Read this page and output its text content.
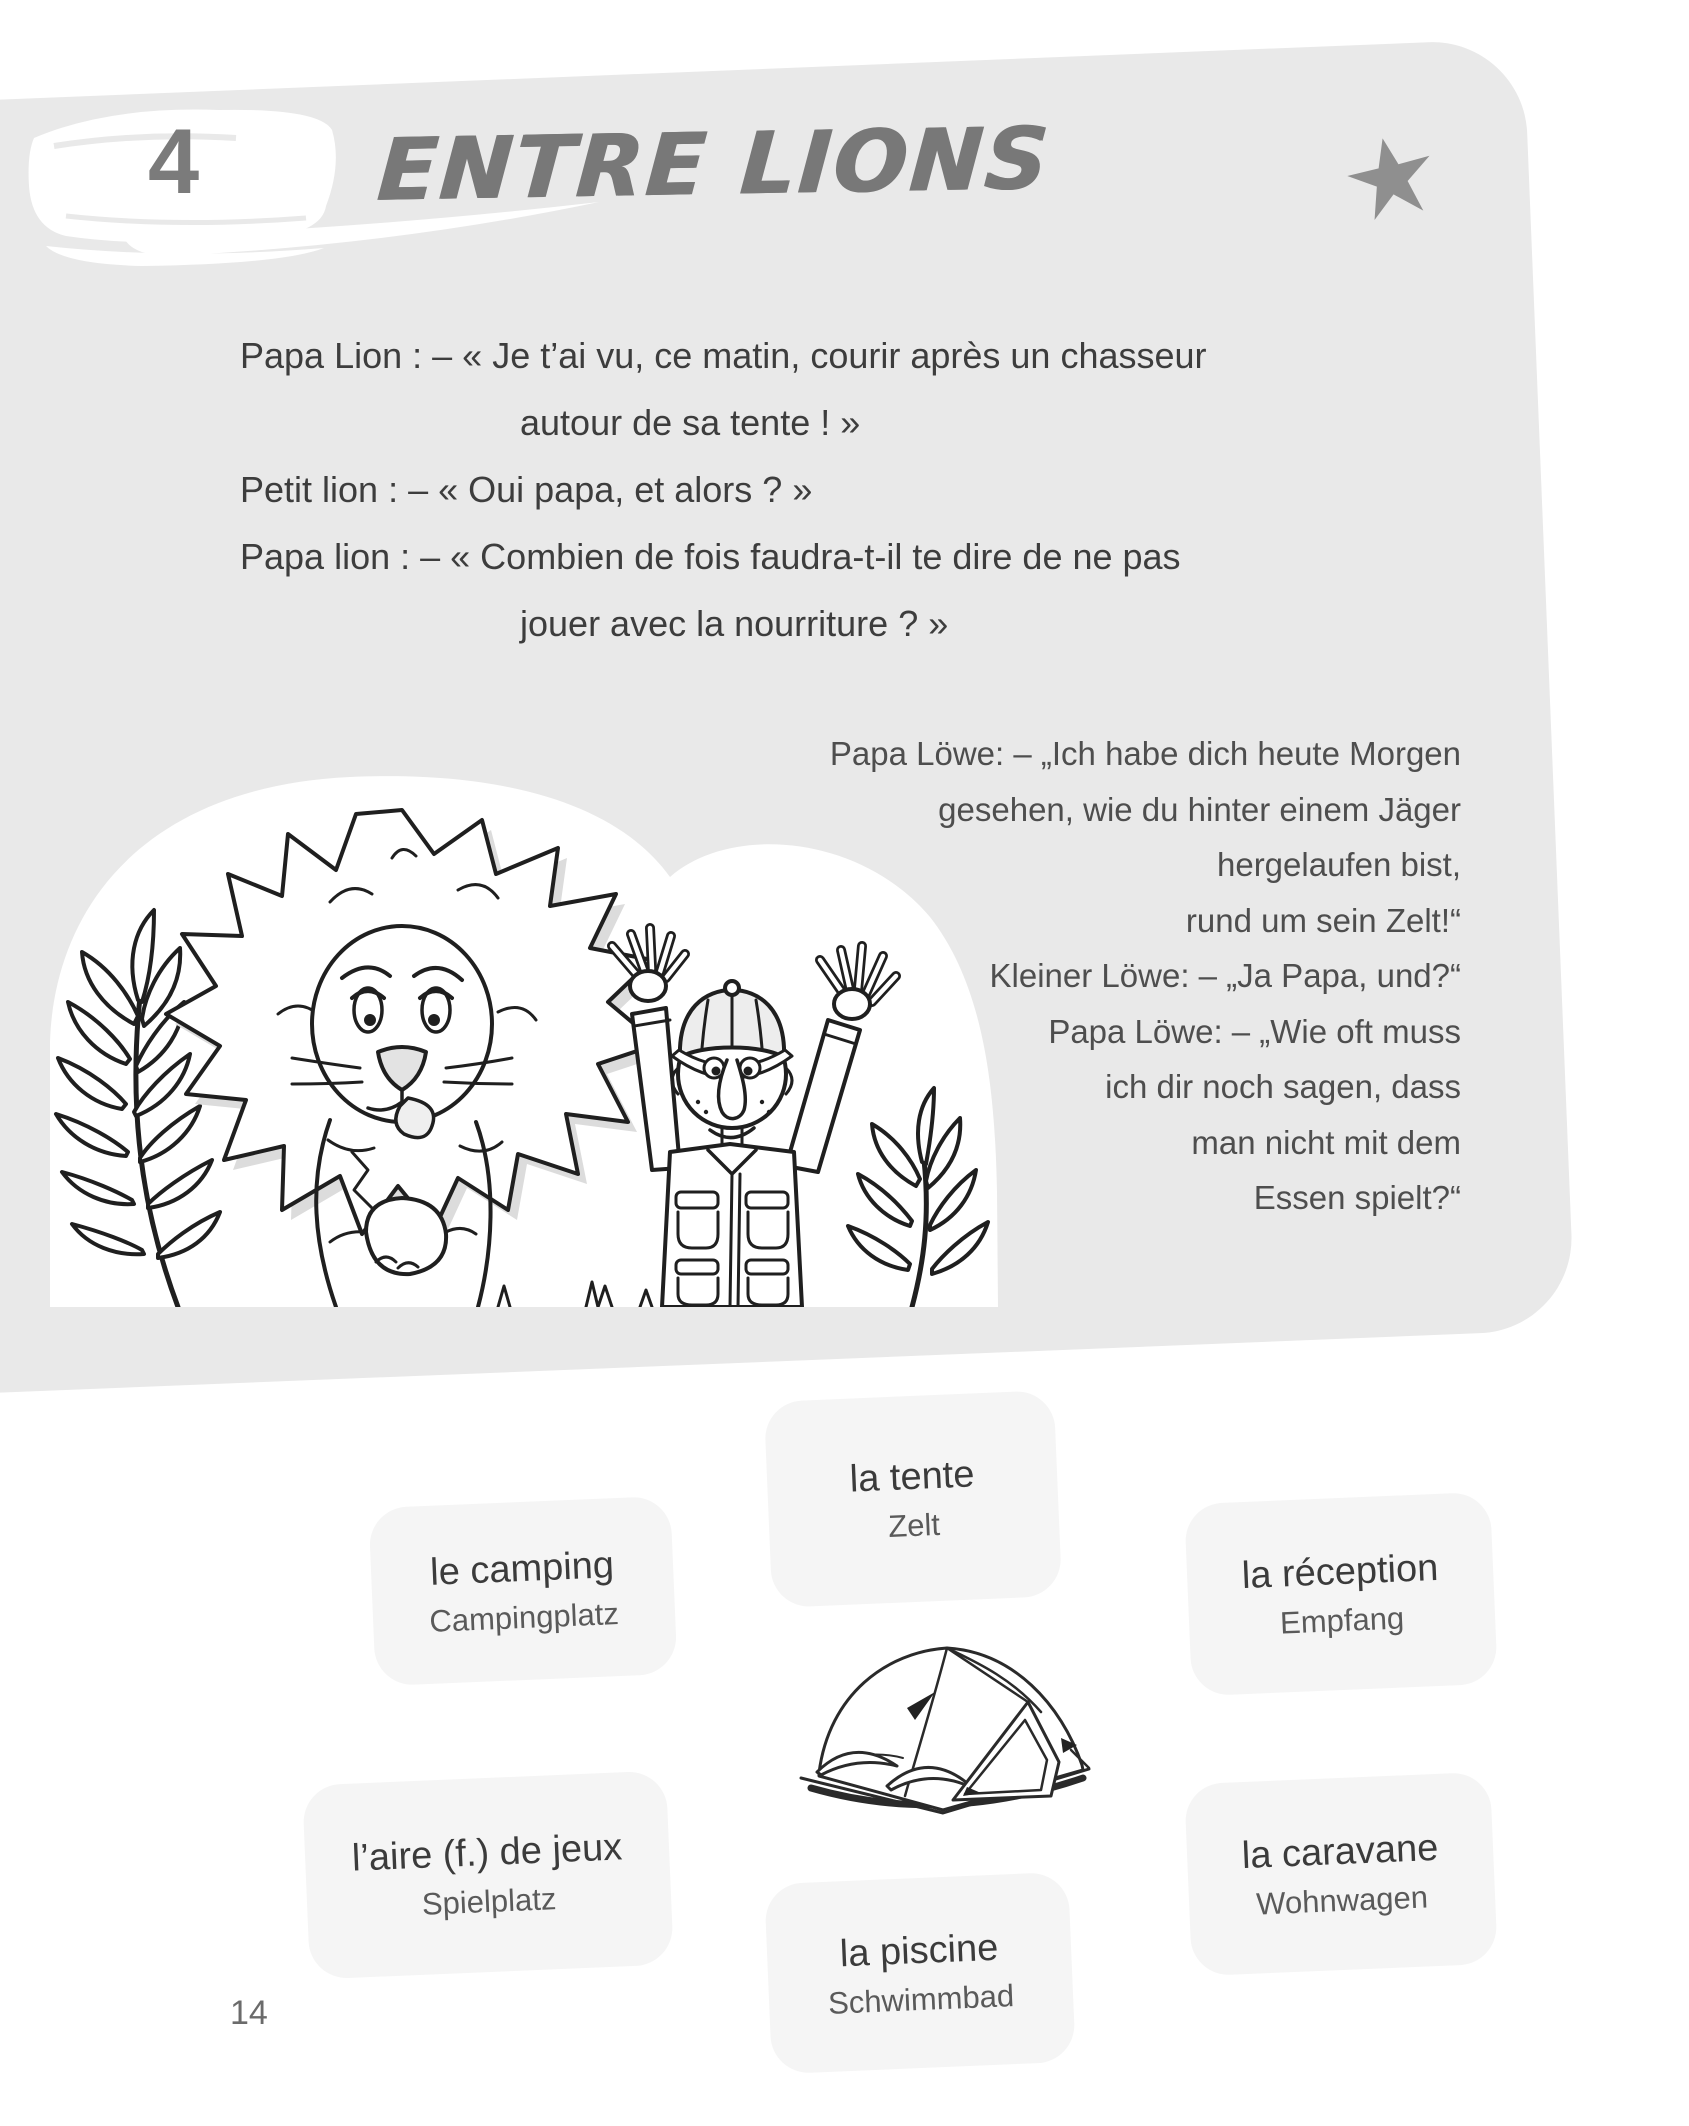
4 ENTRE LIONS
Papa Lion : – « Je t’ai vu, ce matin, courir après un chasseur
autour de sa tente ! »
Petit lion : – « Oui papa, et alors ? »
Papa lion : – « Combien de fois faudra-t-il te dire de ne pas
jouer avec la nourriture ? »
Papa Löwe: – „Ich habe dich heute Morgen
gesehen, wie du hinter einem Jäger
hergelaufen bist,
rund um sein Zelt!“
Kleiner Löwe: – „Ja Papa, und?“
Papa Löwe: – „Wie oft muss
ich dir noch sagen, dass
man nicht mit dem
Essen spielt?“
la tente
Zelt
le camping
Campingplatz
la réception
Empfang
l’aire (f.) de jeux
Spielplatz
la piscine
Schwimmbad
la caravane
Wohnwagen
14
